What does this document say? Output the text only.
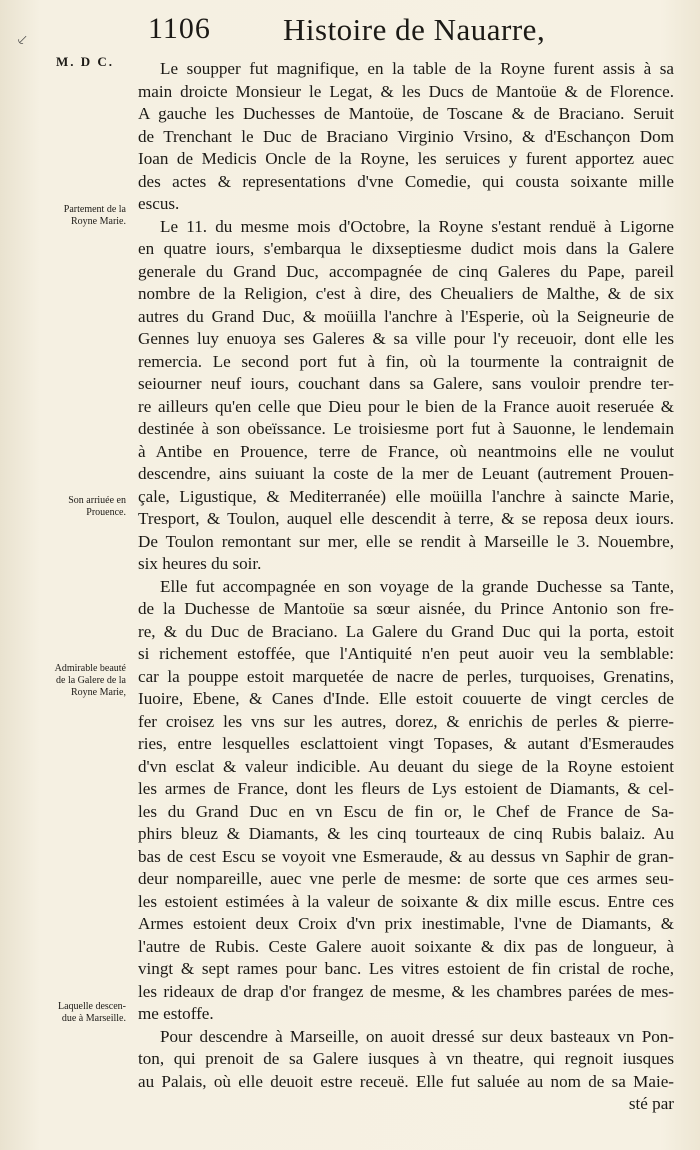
⸔	1106 Histoire de Nauarre,
M. D C.
Partement de la
Royne Marie.
Son arriuée en
Prouence.
Admirable beauté
de la Galere de la
Royne Marie,
Laquelle descen-
due à Marseille.
Le soupper fut magnifique, en la table de la Royne furent assis à sa
main droicte Monsieur le Legat, & les Ducs de Mantoüe & de Florence.
A gauche les Duchesses de Mantoüe, de Toscane & de Braciano. Seruit
de Trenchant le Duc de Braciano Virginio Vrsino, & d'Eschançon Dom
Ioan de Medicis Oncle de la Royne, les seruices y furent apportez auec
des actes & representations d'vne Comedie, qui cousta soixante mille
escus.
Le 11. du mesme mois d'Octobre, la Royne s'estant renduë à Ligorne
en quatre iours, s'embarqua le dixseptiesme dudict mois dans la Galere
generale du Grand Duc, accompagnée de cinq Galeres du Pape, pareil
nombre de la Religion, c'est à dire, des Cheualiers de Malthe, & de six
autres du Grand Duc, & moüilla l'anchre à l'Esperie, où la Seigneurie de
Gennes luy enuoya ses Galeres & sa ville pour l'y receuoir, dont elle les
remercia. Le second port fut à fin, où la tourmente la contraignit de
seiourner neuf iours, couchant dans sa Galere, sans vouloir prendre ter-
re ailleurs qu'en celle que Dieu pour le bien de la France auoit reseruée &
destinée à son obeïssance. Le troisiesme port fut à Sauonne, le lendemain
à Antibe en Prouence, terre de France, où neantmoins elle ne voulut
descendre, ains suiuant la coste de la mer de Leuant (autrement Prouen-
çale, Ligustique, & Mediterranée) elle moüilla l'anchre à saincte Marie,
Tresport, & Toulon, auquel elle descendit à terre, & se reposa deux iours.
De Toulon remontant sur mer, elle se rendit à Marseille le 3. Nouembre,
six heures du soir.
Elle fut accompagnée en son voyage de la grande Duchesse sa Tante,
de la Duchesse de Mantoüe sa sœur aisnée, du Prince Antonio son fre-
re, & du Duc de Braciano. La Galere du Grand Duc qui la porta, estoit
si richement estoffée, que l'Antiquité n'en peut auoir veu la semblable:
car la pouppe estoit marquetée de nacre de perles, turquoises, Grenatins,
Iuoire, Ebene, & Canes d'Inde. Elle estoit couuerte de vingt cercles de
fer croisez les vns sur les autres, dorez, & enrichis de perles & pierre-
ries, entre lesquelles esclattoient vingt Topases, & autant d'Esmeraudes
d'vn esclat & valeur indicible. Au deuant du siege de la Royne estoient
les armes de France, dont les fleurs de Lys estoient de Diamants, & cel-
les du Grand Duc en vn Escu de fin or, le Chef de France de Sa-
phirs bleuz & Diamants, & les cinq tourteaux de cinq Rubis balaiz. Au
bas de cest Escu se voyoit vne Esmeraude, & au dessus vn Saphir de gran-
deur nompareille, auec vne perle de mesme: de sorte que ces armes seu-
les estoient estimées à la valeur de soixante & dix mille escus. Entre ces
Armes estoient deux Croix d'vn prix inestimable, l'vne de Diamants, &
l'autre de Rubis. Ceste Galere auoit soixante & dix pas de longueur, à
vingt & sept rames pour banc. Les vitres estoient de fin cristal de roche,
les rideaux de drap d'or frangez de mesme, & les chambres parées de mes-
me estoffe.
Pour descendre à Marseille, on auoit dressé sur deux basteaux vn Pon-
ton, qui prenoit de sa Galere iusques à vn theatre, qui regnoit iusques
au Palais, où elle deuoit estre receuë. Elle fut saluée au nom de sa Maie-
sté par
